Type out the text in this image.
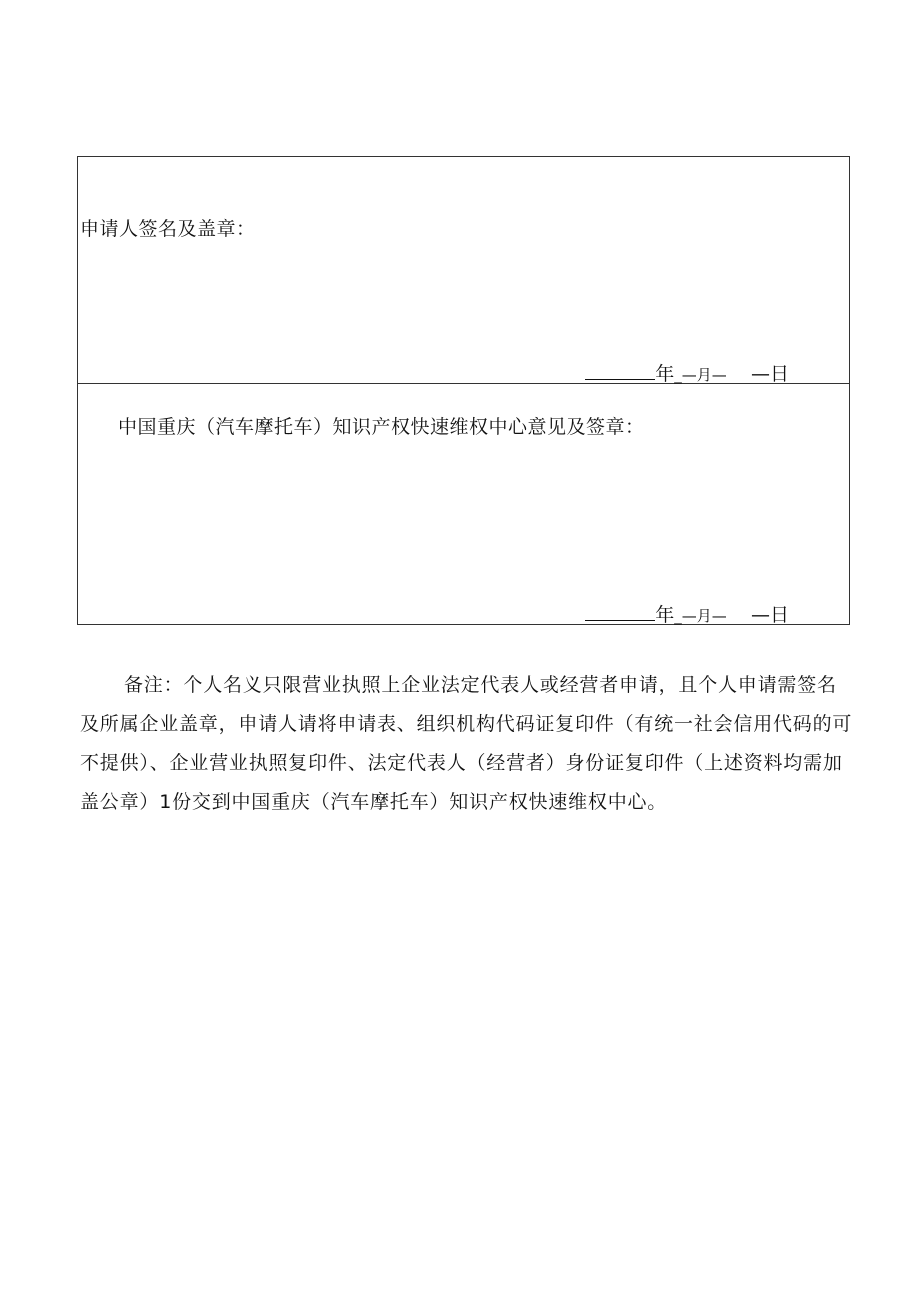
申请人签名及盖章：
年_—月— —日
中国重庆（汽车摩托车）知识产权快速维权中心意见及签章：
年_—月— —日
备注：个人名义只限营业执照上企业法定代表人或经营者申请，且个人申请需签名及所属企业盖章，申请人请将申请表、组织机构代码证复印件（有统一社会信用代码的可不提供）、企业营业执照复印件、法定代表人（经营者）身份证复印件（上述资料均需加盖公章）1份交到中国重庆（汽车摩托车）知识产权快速维权中心。
